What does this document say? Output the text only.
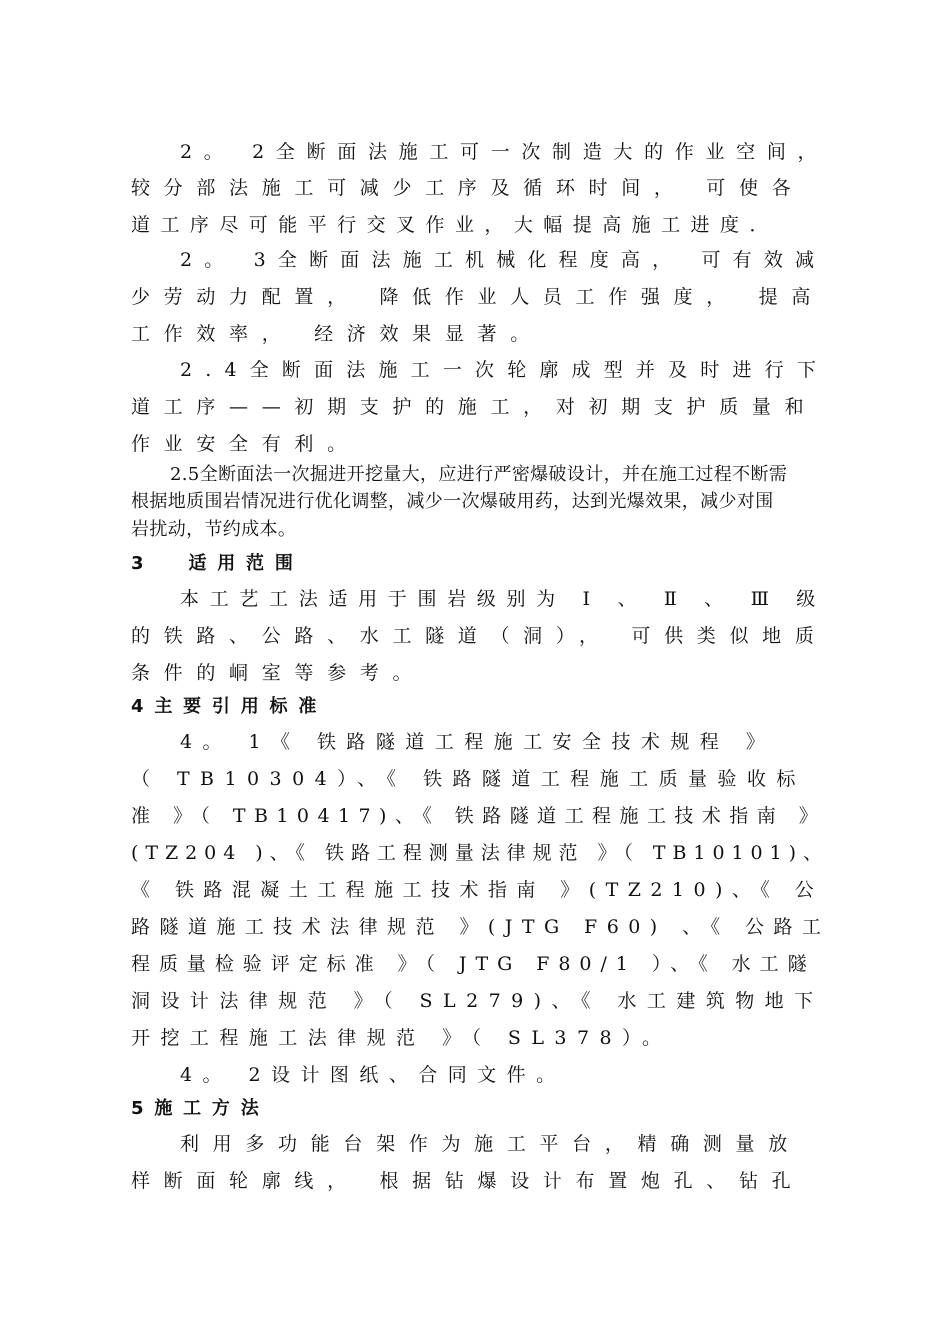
2。 2全断面法施工可一次制造大的作业空间，

较分部法施工可减少工序及循环时间， 可使各

道工序尽可能平行交叉作业，大幅提高施工进度．

2。 3全断面法施工机械化程度高， 可有效减

少劳动力配置， 降低作业人员工作强度， 提高

工作效率， 经济效果显著。

2.4全断面法施工一次轮廓成型并及时进行下

道工序——初期支护的施工，对初期支护质量和

作业安全有利。

2.5全断面法一次掘进开挖量大，应进行严密爆破设计，并在施工过程不断需

根据地质围岩情况进行优化调整，减少一次爆破用药，达到光爆效果，减少对围

岩扰动，节约成本。

3  适用范围

本工艺工法适用于围岩级别为 Ⅰ 、 Ⅱ 、 Ⅲ 级

的铁路、公路、水工隧道（洞）， 可供类似地质

条件的峒室等参考。

4主要引用标准

4。 1《 铁路隧道工程施工安全技术规程 》

（ TB10304）、《 铁路隧道工程施工质量验收标

准 》（ TB10417)、《 铁路隧道工程施工技术指南 》

(TZ204 )、《 铁路工程测量法律规范 》（ TB10101)、

《 铁路混凝土工程施工技术指南 》(TZ210)、《 公

路隧道施工技术法律规范 》(JTG F60) 、《 公路工

程质量检验评定标准 》（ JTG F80/1 ）、《 水工隧

洞设计法律规范 》（ SL279)、《 水工建筑物地下

开挖工程施工法律规范 》（ SL378）。

4。 2设计图纸、合同文件。

5施工方法

利用多功能台架作为施工平台，精确测量放

样断面轮廓线， 根据钻爆设计布置炮孔、钻孔
